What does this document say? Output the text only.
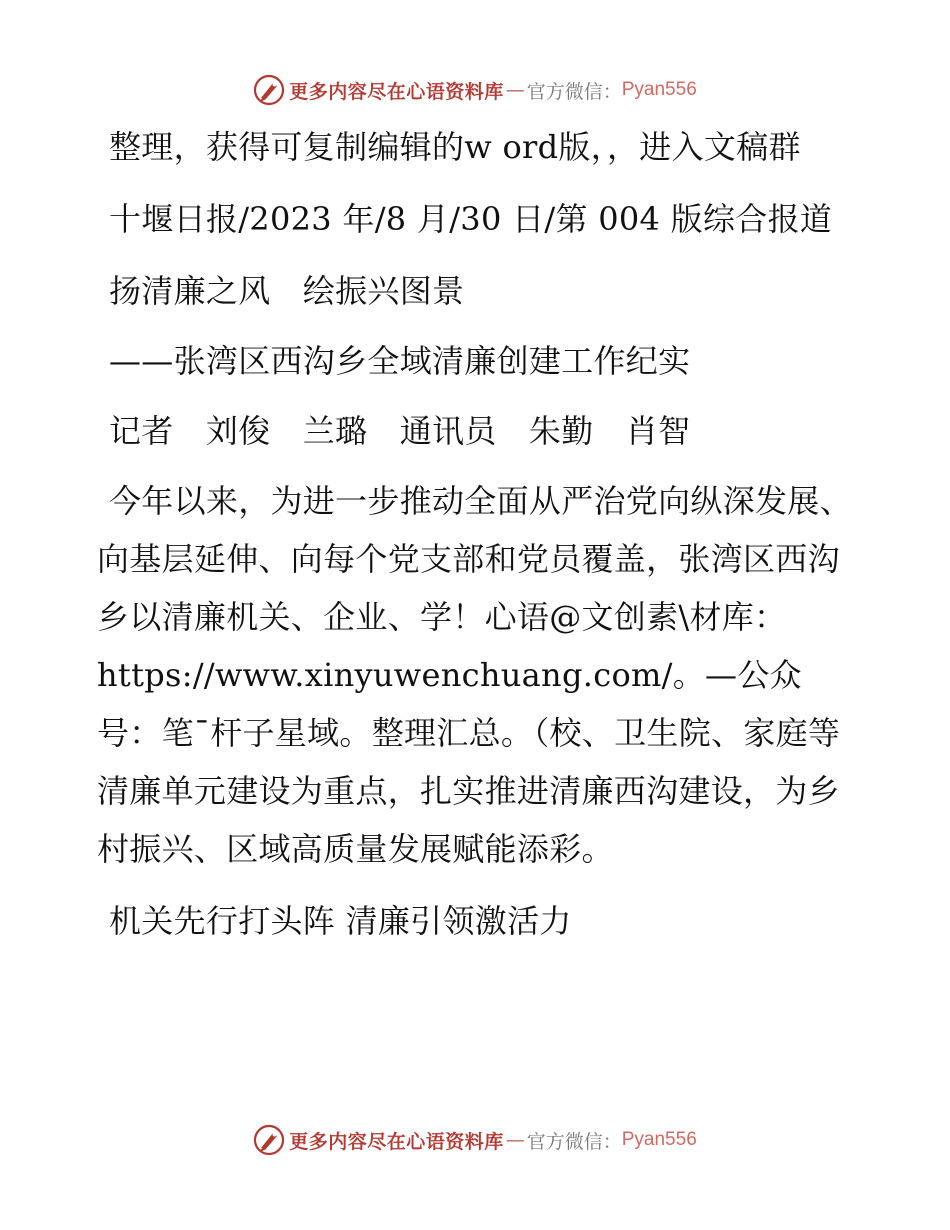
更多内容尽在心语资料库 — 官方微信： Pyan556

整理，获得可复制编辑的w ord版，，进入文稿群

十堰日报/2023 年/8 月/30 日/第 004 版综合报道

扬清廉之风　绘振兴图景

——张湾区西沟乡全域清廉创建工作纪实

记者　刘俊　兰璐　通讯员　朱勤　肖智

今年以来，为进一步推动全面从严治党向纵深发展、向基层延伸、向每个党支部和党员覆盖，张湾区西沟乡以清廉机关、企业、学！心语@文创素\材库：https://www.xinyuwenchuang.com/。—公众号：笔¯杆子星域。整理汇总。（校、卫生院、家庭等清廉单元建设为重点，扎实推进清廉西沟建设，为乡村振兴、区域高质量发展赋能添彩。

机关先行打头阵 清廉引领激活力

更多内容尽在心语资料库 — 官方微信： Pyan556
